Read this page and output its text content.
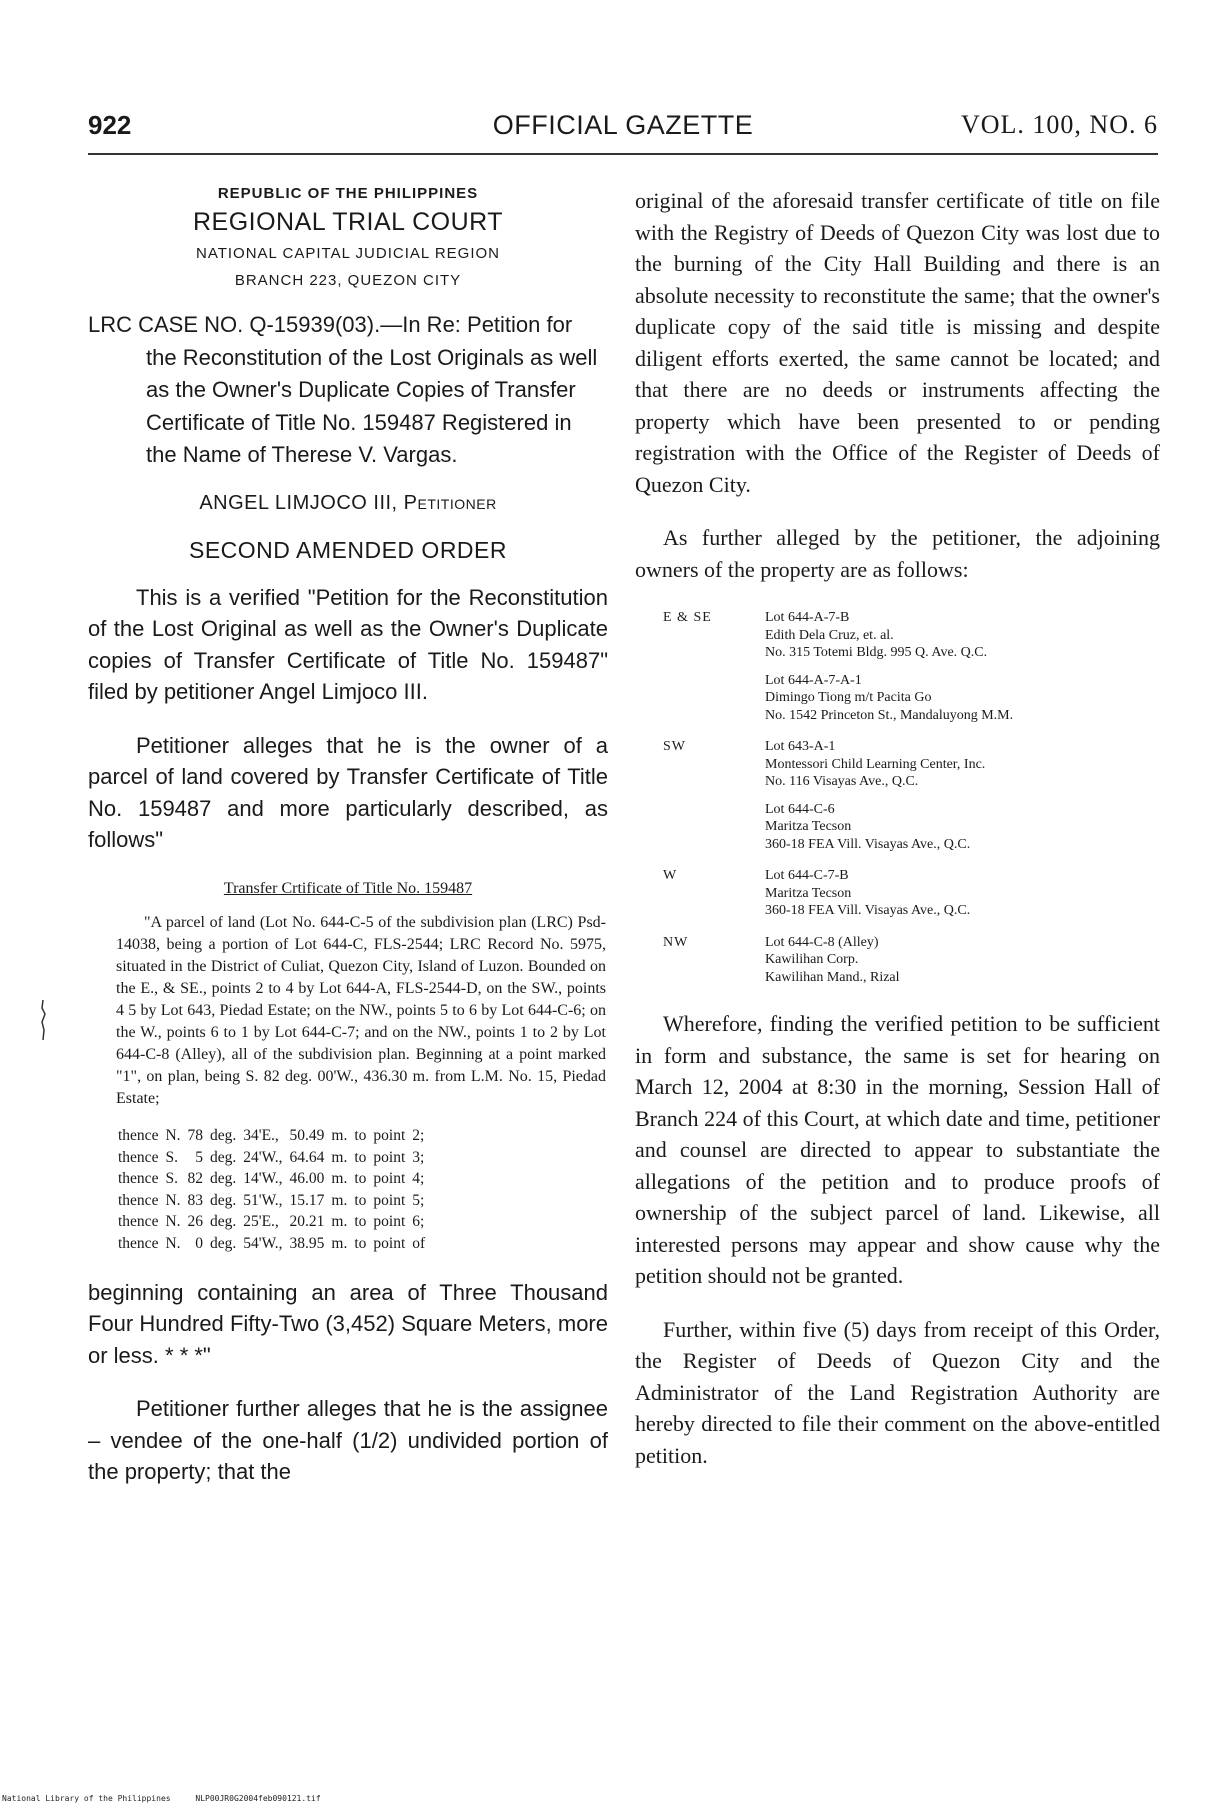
922	OFFICIAL GAZETTE	VOL. 100, NO. 6
REPUBLIC OF THE PHILIPPINES
REGIONAL TRIAL COURT
NATIONAL CAPITAL JUDICIAL REGION
BRANCH 223, QUEZON CITY
LRC CASE NO. Q-15939(03).—In Re: Petition for the Reconstitution of the Lost Originals as well as the Owner's Duplicate Copies of Transfer Certificate of Title No. 159487 Registered in the Name of Therese V. Vargas.
ANGEL LIMJOCO III, Petitioner
SECOND AMENDED ORDER

This is a verified "Petition for the Reconstitution of the Lost Original as well as the Owner's Duplicate copies of Transfer Certificate of Title No. 159487" filed by petitioner Angel Limjoco III.

Petitioner alleges that he is the owner of a parcel of land covered by Transfer Certificate of Title No. 159487 and more particularly described, as follows"

Transfer Crtificate of Title No. 159487
"A parcel of land (Lot No. 644-C-5 of the subdivision plan (LRC) Psd-14038, being a portion of Lot 644-C, FLS-2544; LRC Record No. 5975, situated in the District of Culiat, Quezon City, Island of Luzon. Bounded on the E., & SE., points 2 to 4 by Lot 644-A, FLS-2544-D, on the SW., points 4 5 by Lot 643, Piedad Estate; on the NW., points 5 to 6 by Lot 644-C-6; on the W., points 6 to 1 by Lot 644-C-7; and on the NW., points 1 to 2 by Lot 644-C-8 (Alley), all of the subdivision plan. Beginning at a point marked "1", on plan, being S. 82 deg. 00'W., 436.30 m. from L.M. No. 15, Piedad Estate;
thence	N.	78	deg.	34'E.,	50.49	m.	to	point	2;
thence	S.	5	deg.	24'W.,	64.64	m.	to	point	3;
thence	S.	82	deg.	14'W.,	46.00	m.	to	point	4;
thence	N.	83	deg.	51'W.,	15.17	m.	to	point	5;
thence	N.	26	deg.	25'E.,	20.21	m.	to	point	6;
thence	N.	0	deg.	54'W.,	38.95	m.	to	point	of

beginning containing an area of Three Thousand Four Hundred Fifty-Two (3,452) Square Meters, more or less. * * *"

Petitioner further alleges that he is the assignee – vendee of the one-half (1/2) undivided portion of the property; that the

original of the aforesaid transfer certificate of title on file with the Registry of Deeds of Quezon City was lost due to the burning of the City Hall Building and there is an absolute necessity to reconstitute the same; that the owner's duplicate copy of the said title is missing and despite diligent efforts exerted, the same cannot be located; and that there are no deeds or instruments affecting the property which have been presented to or pending registration with the Office of the Register of Deeds of Quezon City.

As further alleged by the petitioner, the adjoining owners of the property are as follows:

E & SE	Lot 644-A-7-B
Edith Dela Cruz, et. al.
No. 315 Totemi Bldg. 995 Q. Ave. Q.C.
Lot 644-A-7-A-1
Dimingo Tiong m/t Pacita Go
No. 1542 Princeton St., Mandaluyong M.M.
SW	Lot 643-A-1
Montessori Child Learning Center, Inc.
No. 116 Visayas Ave., Q.C.
Lot 644-C-6
Maritza Tecson
360-18 FEA Vill. Visayas Ave., Q.C.
W	Lot 644-C-7-B
Maritza Tecson
360-18 FEA Vill. Visayas Ave., Q.C.
NW	Lot 644-C-8 (Alley)
Kawilihan Corp.
Kawilihan Mand., Rizal

Wherefore, finding the verified petition to be sufficient in form and substance, the same is set for hearing on March 12, 2004 at 8:30 in the morning, Session Hall of Branch 224 of this Court, at which date and time, petitioner and counsel are directed to appear to substantiate the allegations of the petition and to produce proofs of ownership of the subject parcel of land. Likewise, all interested persons may appear and show cause why the petition should not be granted.

Further, within five (5) days from receipt of this Order, the Register of Deeds of Quezon City and the Administrator of the Land Registration Authority are hereby directed to file their comment on the above-entitled petition.

National Library of the Philippines	NLP00JR0G2004feb090121.tif
